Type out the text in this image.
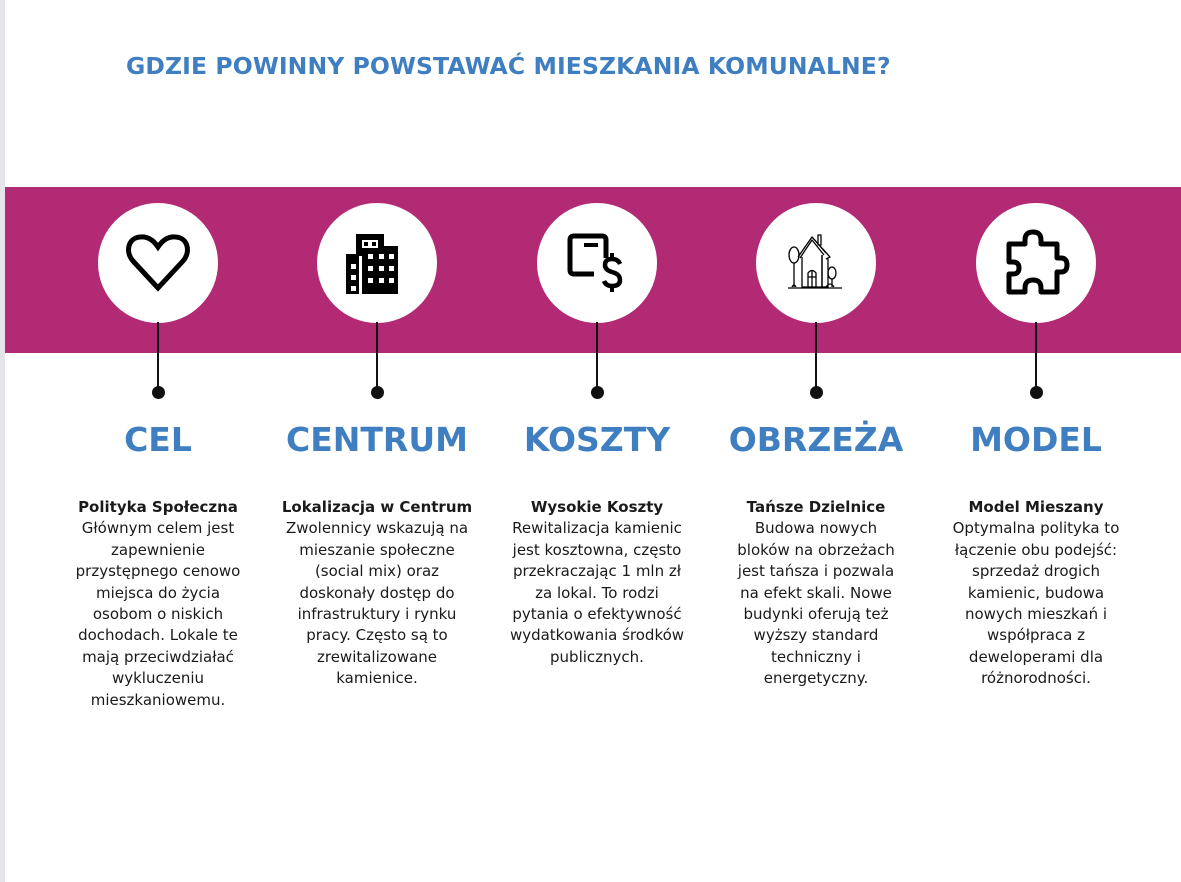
GDZIE POWINNY POWSTAWAĆ MIESZKANIA KOMUNALNE?
CEL
Polityka Społeczna
Głównym celem jest
zapewnienie
przystępnego cenowo
miejsca do życia
osobom o niskich
dochodach. Lokale te
mają przeciwdziałać
wykluczeniu
mieszkaniowemu.
CENTRUM
Lokalizacja w Centrum
Zwolennicy wskazują na
mieszanie społeczne
(social mix) oraz
doskonały dostęp do
infrastruktury i rynku
pracy. Często są to
zrewitalizowane
kamienice.
KOSZTY
Wysokie Koszty
Rewitalizacja kamienic
jest kosztowna, często
przekraczając 1 mln zł
za lokal. To rodzi
pytania o efektywność
wydatkowania środków
publicznych.
OBRZEŻA
Tańsze Dzielnice
Budowa nowych
bloków na obrzeżach
jest tańsza i pozwala
na efekt skali. Nowe
budynki oferują też
wyższy standard
techniczny i
energetyczny.
MODEL
Model Mieszany
Optymalna polityka to
łączenie obu podejść:
sprzedaż drogich
kamienic, budowa
nowych mieszkań i
współpraca z
deweloperami dla
różnorodności.
